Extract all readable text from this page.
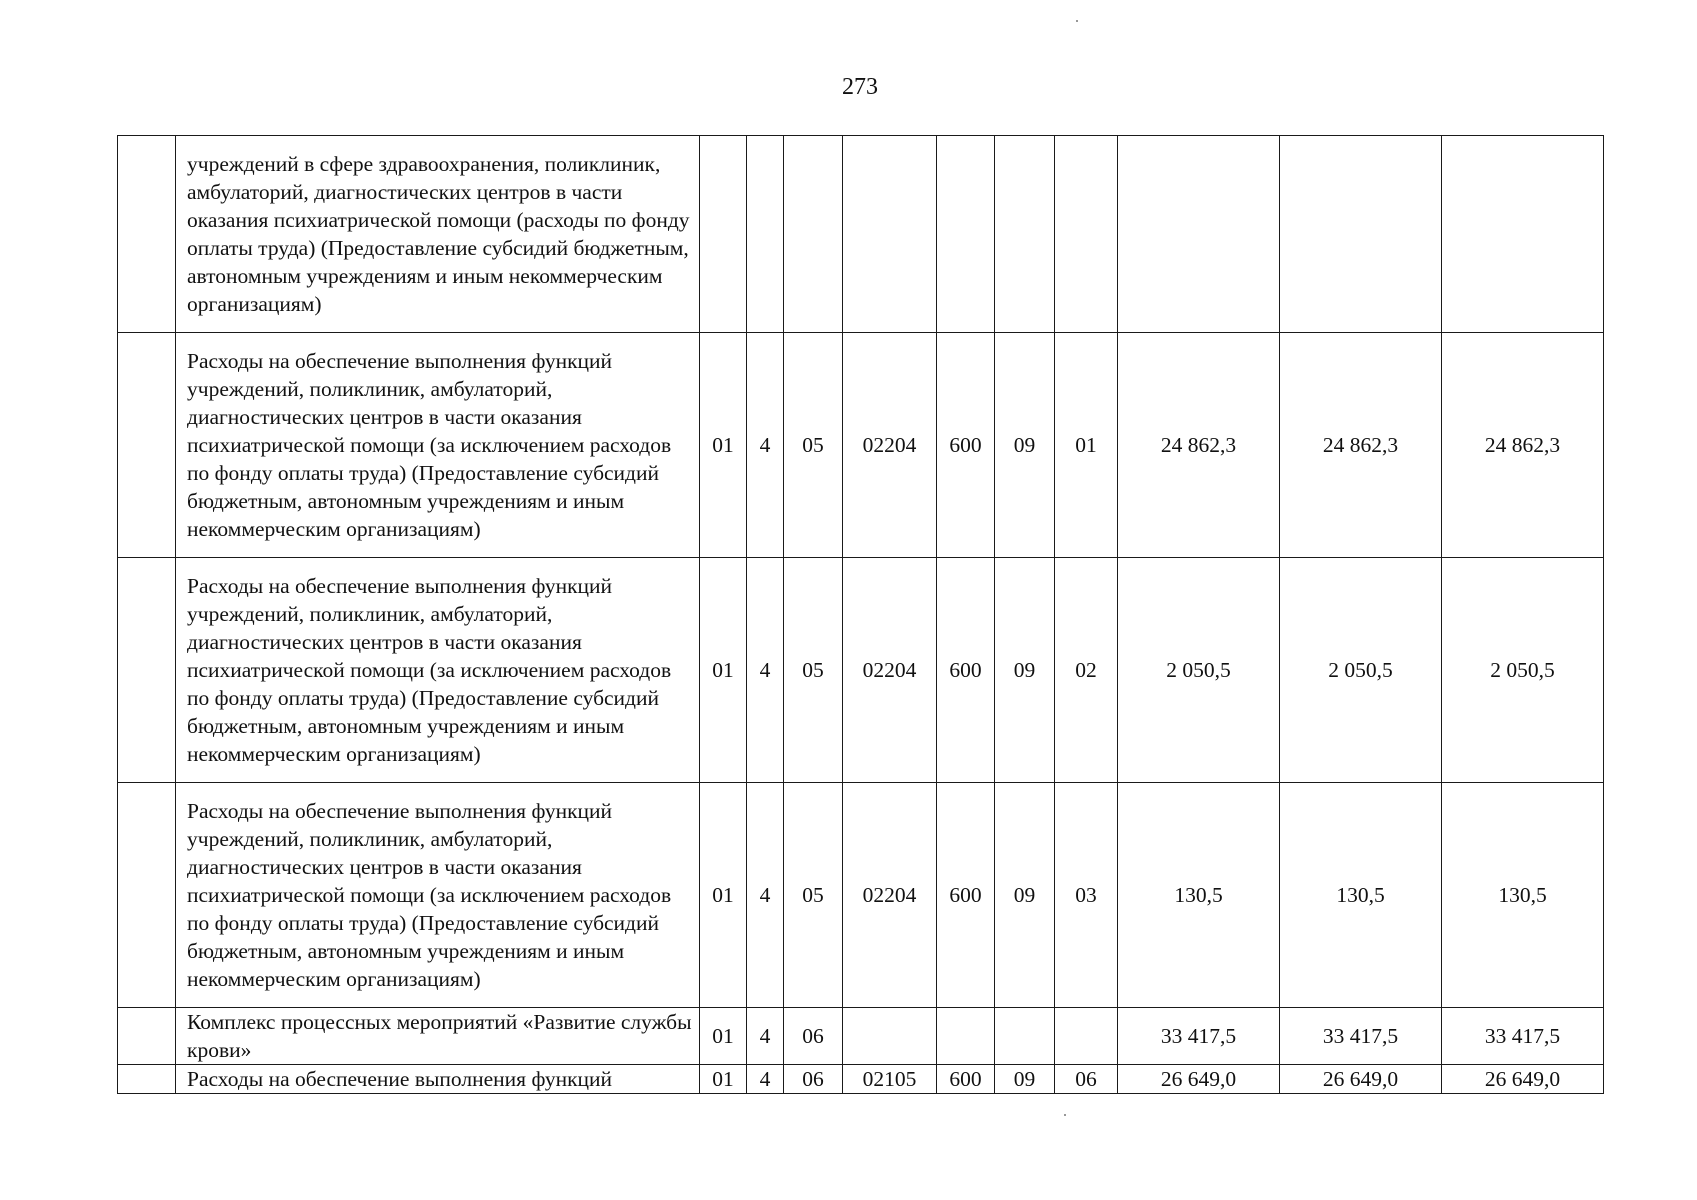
273
	учреждений в сфере здравоохранения, поликлиник, амбулаторий, диагностических центров в части оказания психиатрической помощи (расходы по фонду оплаты труда) (Предоставление субсидий бюджетным, автономным учреждениям и иным некоммерческим организациям)										
	Расходы на обеспечение выполнения функций учреждений, поликлиник, амбулаторий, диагностических центров в части оказания психиатрической помощи (за исключением расходов по фонду оплаты труда) (Предоставление субсидий бюджетным, автономным учреждениям и иным некоммерческим организациям)	01	4	05	02204	600	09	01	24 862,3	24 862,3	24 862,3
	Расходы на обеспечение выполнения функций учреждений, поликлиник, амбулаторий, диагностических центров в части оказания психиатрической помощи (за исключением расходов по фонду оплаты труда) (Предоставление субсидий бюджетным, автономным учреждениям и иным некоммерческим организациям)	01	4	05	02204	600	09	02	2 050,5	2 050,5	2 050,5
	Расходы на обеспечение выполнения функций учреждений, поликлиник, амбулаторий, диагностических центров в части оказания психиатрической помощи (за исключением расходов по фонду оплаты труда) (Предоставление субсидий бюджетным, автономным учреждениям и иным некоммерческим организациям)	01	4	05	02204	600	09	03	130,5	130,5	130,5
	Комплекс процессных мероприятий «Развитие службы крови»	01	4	06					33 417,5	33 417,5	33 417,5
	Расходы на обеспечение выполнения функций	01	4	06	02105	600	09	06	26 649,0	26 649,0	26 649,0
